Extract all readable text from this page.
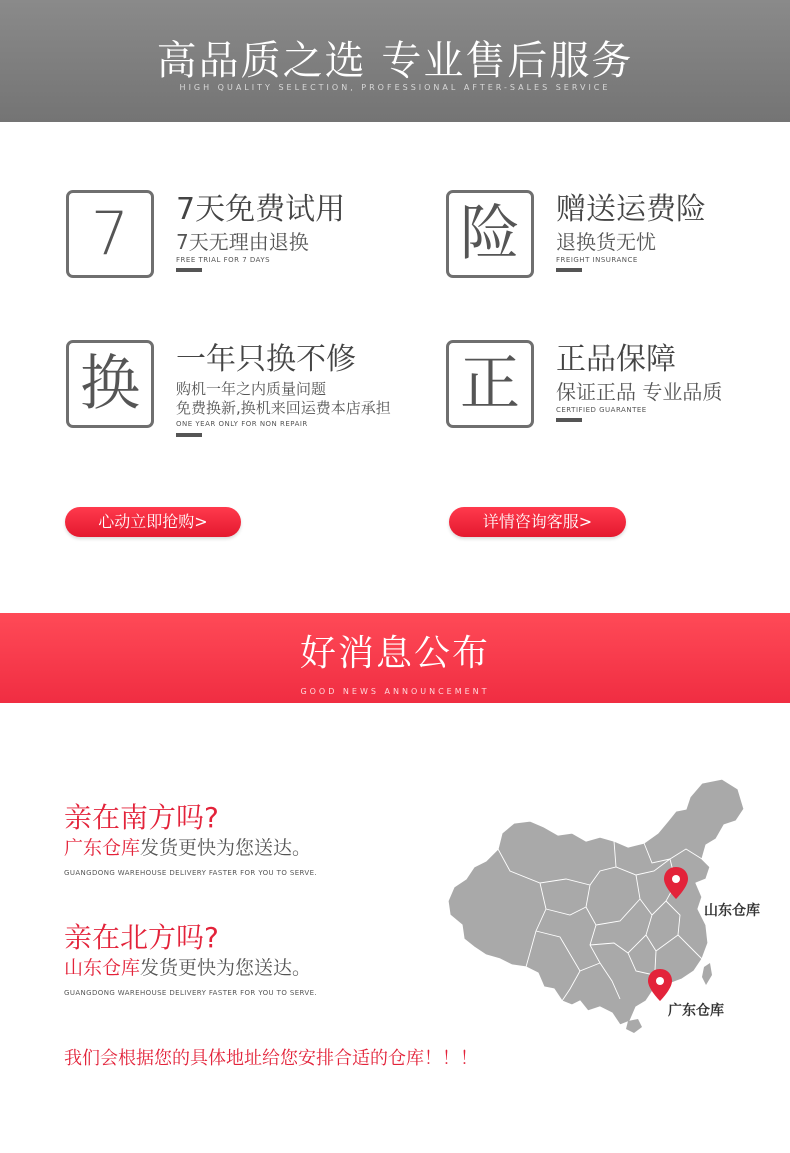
高品质之选 专业售后服务
HIGH QUALITY SELECTION, PROFESSIONAL AFTER-SALES SERVICE
7	7天免费试用
7天无理由退换
FREE TRIAL FOR 7 DAYS	险	赠送运费险
退换货无忧
FREIGHT INSURANCE
换	一年只换不修
购机一年之内质量问题
免费换新,换机来回运费本店承担
ONE YEAR ONLY FOR NON REPAIR
正	正品保障
保证正品 专业品质
CERTIFIED GUARANTEE
心动立即抢购>	详情咨询客服>
好消息公布
GOOD NEWS ANNOUNCEMENT
亲在南方吗?
广东仓库发货更快为您送达。
GUANGDONG WAREHOUSE DELIVERY FASTER FOR YOU TO SERVE.
亲在北方吗?
山东仓库发货更快为您送达。
GUANGDONG WAREHOUSE DELIVERY FASTER FOR YOU TO SERVE.
我们会根据您的具体地址给您安排合适的仓库！！！
山东仓库
广东仓库
